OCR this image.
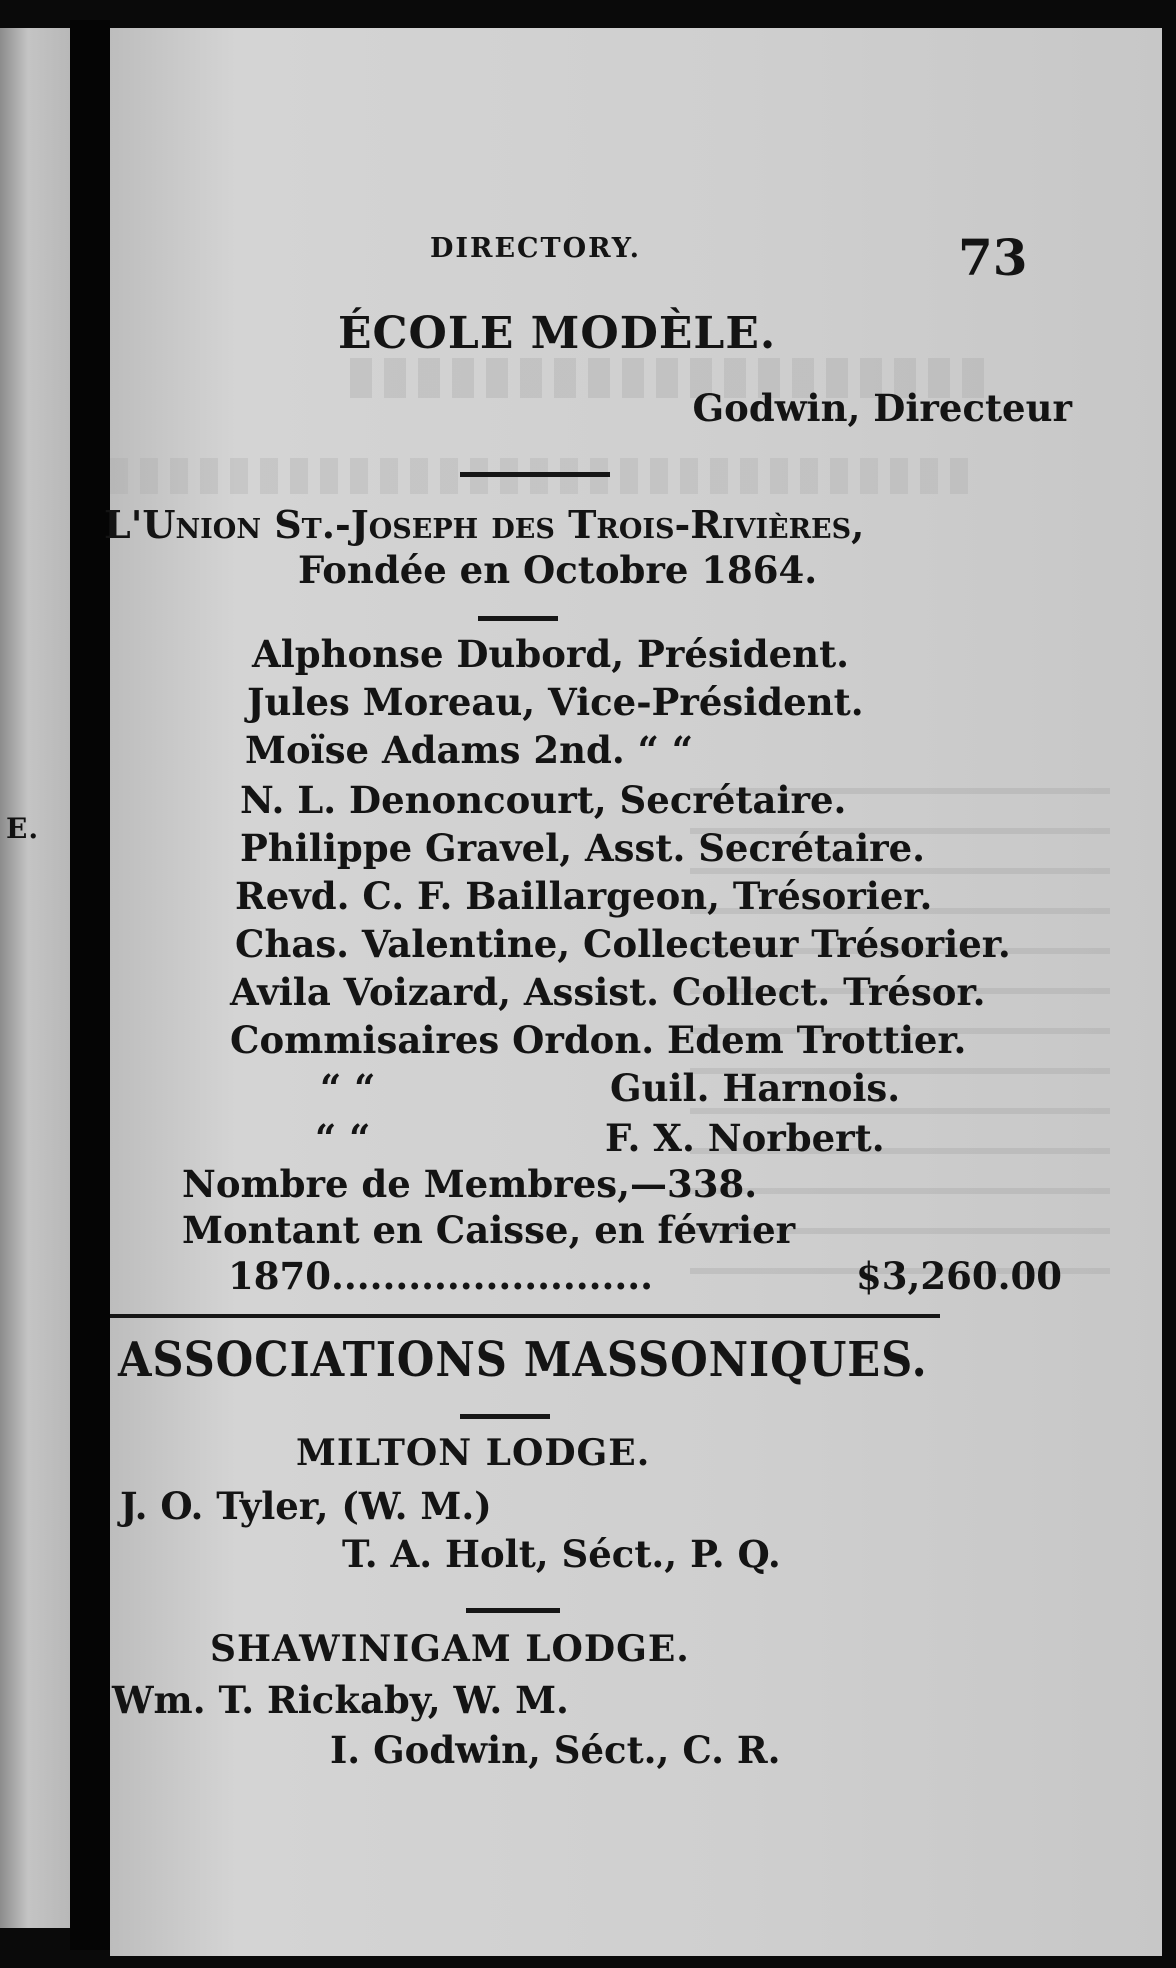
E.
DIRECTORY.	73
ÉCOLE MODÈLE.
Godwin, Directeur
L'Union St.-Joseph des Trois-Rivières,
Fondée en Octobre 1864.
Alphonse Dubord, Président.
Jules Moreau, Vice-Président.
Moïse Adams 2nd. “ “
N. L. Denoncourt, Secrétaire.
Philippe Gravel, Asst. Secrétaire.
Revd. C. F. Baillargeon, Trésorier.
Chas. Valentine, Collecteur Trésorier.
Avila Voizard, Assist. Collect. Trésor.
Commisaires Ordon. Edem Trottier.
“ “	Guil. Harnois.
“ “	F. X. Norbert.
Nombre de Membres,—338.
Montant en Caisse, en février
1870.........................	$3,260.00
ASSOCIATIONS MASSONIQUES.
MILTON LODGE.
J. O. Tyler, (W. M.)
T. A. Holt, Séct., P. Q.
SHAWINIGAM LODGE.
Wm. T. Rickaby, W. M.
I. Godwin, Séct., C. R.
